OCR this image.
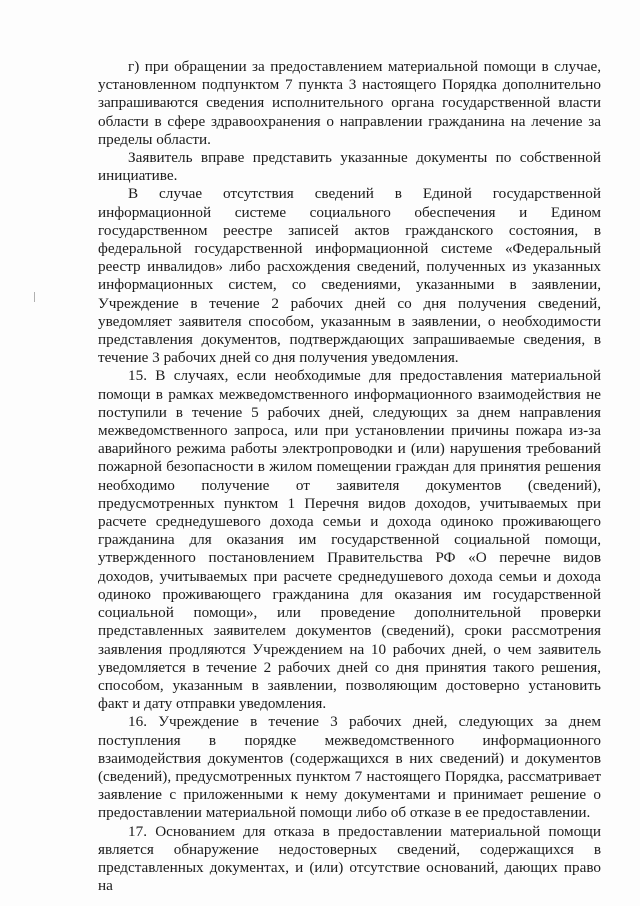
г) при обращении за предоставлением материальной помощи в случае, установленном подпунктом 7 пункта 3 настоящего Порядка дополнительно запрашиваются сведения исполнительного органа государственной власти области в сфере здравоохранения о направлении гражданина на лечение за пределы области.

Заявитель вправе представить указанные документы по собственной инициативе.

В случае отсутствия сведений в Единой государственной информационной системе социального обеспечения и Едином государственном реестре записей актов гражданского состояния, в федеральной государственной информационной системе «Федеральный реестр инвалидов» либо расхождения сведений, полученных из указанных информационных систем, со сведениями, указанными в заявлении, Учреждение в течение 2 рабочих дней со дня получения сведений, уведомляет заявителя способом, указанным в заявлении, о необходимости представления документов, подтверждающих запрашиваемые сведения, в течение 3 рабочих дней со дня получения уведомления.

15. В случаях, если необходимые для предоставления материальной помощи в рамках межведомственного информационного взаимодействия не поступили в течение 5 рабочих дней, следующих за днем направления межведомственного запроса, или при установлении причины пожара из-за аварийного режима работы электропроводки и (или) нарушения требований пожарной безопасности в жилом помещении граждан для принятия решения необходимо получение от заявителя документов (сведений), предусмотренных пунктом 1 Перечня видов доходов, учитываемых при расчете среднедушевого дохода семьи и дохода одиноко проживающего гражданина для оказания им государственной социальной помощи, утвержденного постановлением Правительства РФ «О перечне видов доходов, учитываемых при расчете среднедушевого дохода семьи и дохода одиноко проживающего гражданина для оказания им государственной социальной помощи», или проведение дополнительной проверки представленных заявителем документов (сведений), сроки рассмотрения заявления продляются Учреждением на 10 рабочих дней, о чем заявитель уведомляется в течение 2 рабочих дней со дня принятия такого решения, способом, указанным в заявлении, позволяющим достоверно установить факт и дату отправки уведомления.

16. Учреждение в течение 3 рабочих дней, следующих за днем поступления в порядке межведомственного информационного взаимодействия документов (содержащихся в них сведений) и документов (сведений), предусмотренных пунктом 7 настоящего Порядка, рассматривает заявление с приложенными к нему документами и принимает решение о предоставлении материальной помощи либо об отказе в ее предоставлении.

17. Основанием для отказа в предоставлении материальной помощи является обнаружение недостоверных сведений, содержащихся в представленных документах, и (или) отсутствие оснований, дающих право на
